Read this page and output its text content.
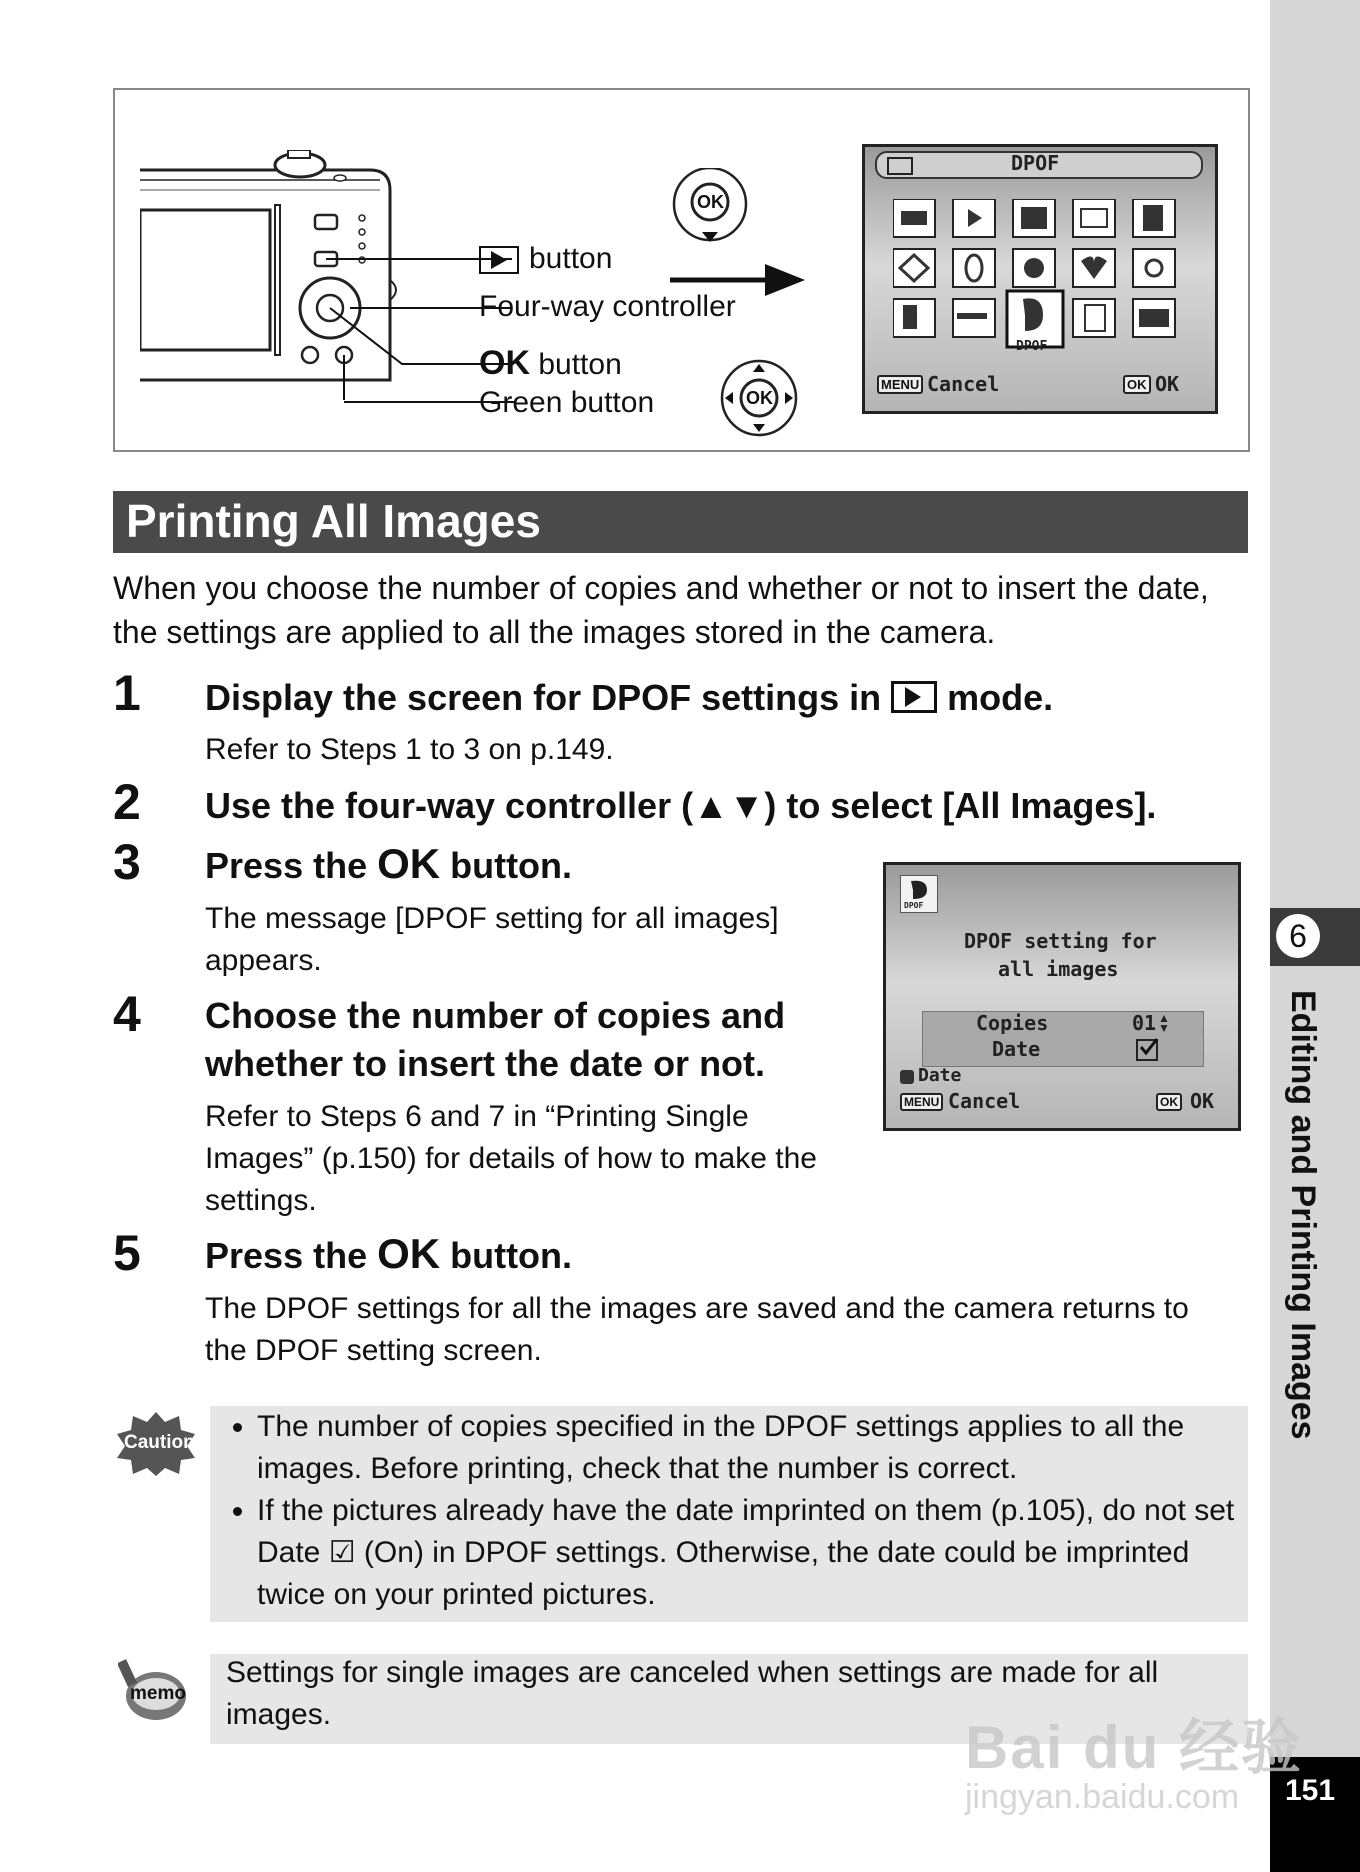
6
Editing and Printing Images
151
button
Four-way controller
OK button
Green button
OK
OK
DPOF
DPOF
MENU Cancel	OK OK
Printing All Images
When you choose the number of copies and whether or not to insert the date, the settings are applied to all the images stored in the camera.
1 Display the screen for DPOF settings in
mode.
Refer to Steps 1 to 3 on p.149.
2 Use the four-way controller (▲▼) to select [All Images].
3 Press the OK button.
The message [DPOF setting for all images] appears.
DPOF
DPOF setting for
all images
Copies	01 ▲
▼
Date
Date
MENU Cancel	OK OK
4 Choose the number of copies and whether to insert the date or not.
Refer to Steps 6 and 7 in “Printing Single Images” (p.150) for details of how to make the settings.
5 Press the OK button.
The DPOF settings for all the images are saved and the camera returns to the DPOF setting screen.
Caution
• The number of copies specified in the DPOF settings applies to all the images. Before printing, check that the number is correct.
• If the pictures already have the date imprinted on them (p.105), do not set Date ☑ (On) in DPOF settings. Otherwise, the date could be imprinted twice on your printed pictures.
memo
Settings for single images are canceled when settings are made for all images.	Bai du 经验
jingyan.baidu.com
